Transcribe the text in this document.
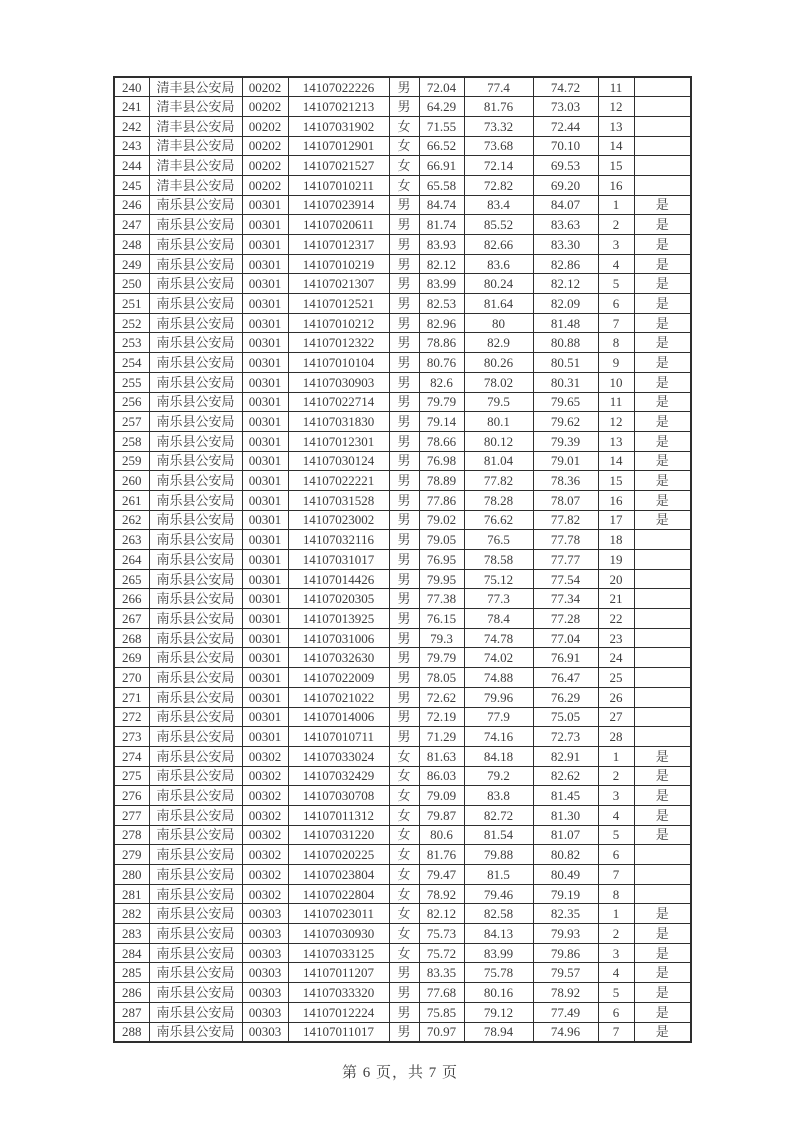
240	清丰县公安局	00202	14107022226	男	72.04	77.4	74.72	11	
241	清丰县公安局	00202	14107021213	男	64.29	81.76	73.03	12	
242	清丰县公安局	00202	14107031902	女	71.55	73.32	72.44	13	
243	清丰县公安局	00202	14107012901	女	66.52	73.68	70.10	14	
244	清丰县公安局	00202	14107021527	女	66.91	72.14	69.53	15	
245	清丰县公安局	00202	14107010211	女	65.58	72.82	69.20	16	
246	南乐县公安局	00301	14107023914	男	84.74	83.4	84.07	1	是
247	南乐县公安局	00301	14107020611	男	81.74	85.52	83.63	2	是
248	南乐县公安局	00301	14107012317	男	83.93	82.66	83.30	3	是
249	南乐县公安局	00301	14107010219	男	82.12	83.6	82.86	4	是
250	南乐县公安局	00301	14107021307	男	83.99	80.24	82.12	5	是
251	南乐县公安局	00301	14107012521	男	82.53	81.64	82.09	6	是
252	南乐县公安局	00301	14107010212	男	82.96	80	81.48	7	是
253	南乐县公安局	00301	14107012322	男	78.86	82.9	80.88	8	是
254	南乐县公安局	00301	14107010104	男	80.76	80.26	80.51	9	是
255	南乐县公安局	00301	14107030903	男	82.6	78.02	80.31	10	是
256	南乐县公安局	00301	14107022714	男	79.79	79.5	79.65	11	是
257	南乐县公安局	00301	14107031830	男	79.14	80.1	79.62	12	是
258	南乐县公安局	00301	14107012301	男	78.66	80.12	79.39	13	是
259	南乐县公安局	00301	14107030124	男	76.98	81.04	79.01	14	是
260	南乐县公安局	00301	14107022221	男	78.89	77.82	78.36	15	是
261	南乐县公安局	00301	14107031528	男	77.86	78.28	78.07	16	是
262	南乐县公安局	00301	14107023002	男	79.02	76.62	77.82	17	是
263	南乐县公安局	00301	14107032116	男	79.05	76.5	77.78	18	
264	南乐县公安局	00301	14107031017	男	76.95	78.58	77.77	19	
265	南乐县公安局	00301	14107014426	男	79.95	75.12	77.54	20	
266	南乐县公安局	00301	14107020305	男	77.38	77.3	77.34	21	
267	南乐县公安局	00301	14107013925	男	76.15	78.4	77.28	22	
268	南乐县公安局	00301	14107031006	男	79.3	74.78	77.04	23	
269	南乐县公安局	00301	14107032630	男	79.79	74.02	76.91	24	
270	南乐县公安局	00301	14107022009	男	78.05	74.88	76.47	25	
271	南乐县公安局	00301	14107021022	男	72.62	79.96	76.29	26	
272	南乐县公安局	00301	14107014006	男	72.19	77.9	75.05	27	
273	南乐县公安局	00301	14107010711	男	71.29	74.16	72.73	28	
274	南乐县公安局	00302	14107033024	女	81.63	84.18	82.91	1	是
275	南乐县公安局	00302	14107032429	女	86.03	79.2	82.62	2	是
276	南乐县公安局	00302	14107030708	女	79.09	83.8	81.45	3	是
277	南乐县公安局	00302	14107011312	女	79.87	82.72	81.30	4	是
278	南乐县公安局	00302	14107031220	女	80.6	81.54	81.07	5	是
279	南乐县公安局	00302	14107020225	女	81.76	79.88	80.82	6	
280	南乐县公安局	00302	14107023804	女	79.47	81.5	80.49	7	
281	南乐县公安局	00302	14107022804	女	78.92	79.46	79.19	8	
282	南乐县公安局	00303	14107023011	女	82.12	82.58	82.35	1	是
283	南乐县公安局	00303	14107030930	女	75.73	84.13	79.93	2	是
284	南乐县公安局	00303	14107033125	女	75.72	83.99	79.86	3	是
285	南乐县公安局	00303	14107011207	男	83.35	75.78	79.57	4	是
286	南乐县公安局	00303	14107033320	男	77.68	80.16	78.92	5	是
287	南乐县公安局	00303	14107012224	男	75.85	79.12	77.49	6	是
288	南乐县公安局	00303	14107011017	男	70.97	78.94	74.96	7	是
第 6 页，共 7 页
